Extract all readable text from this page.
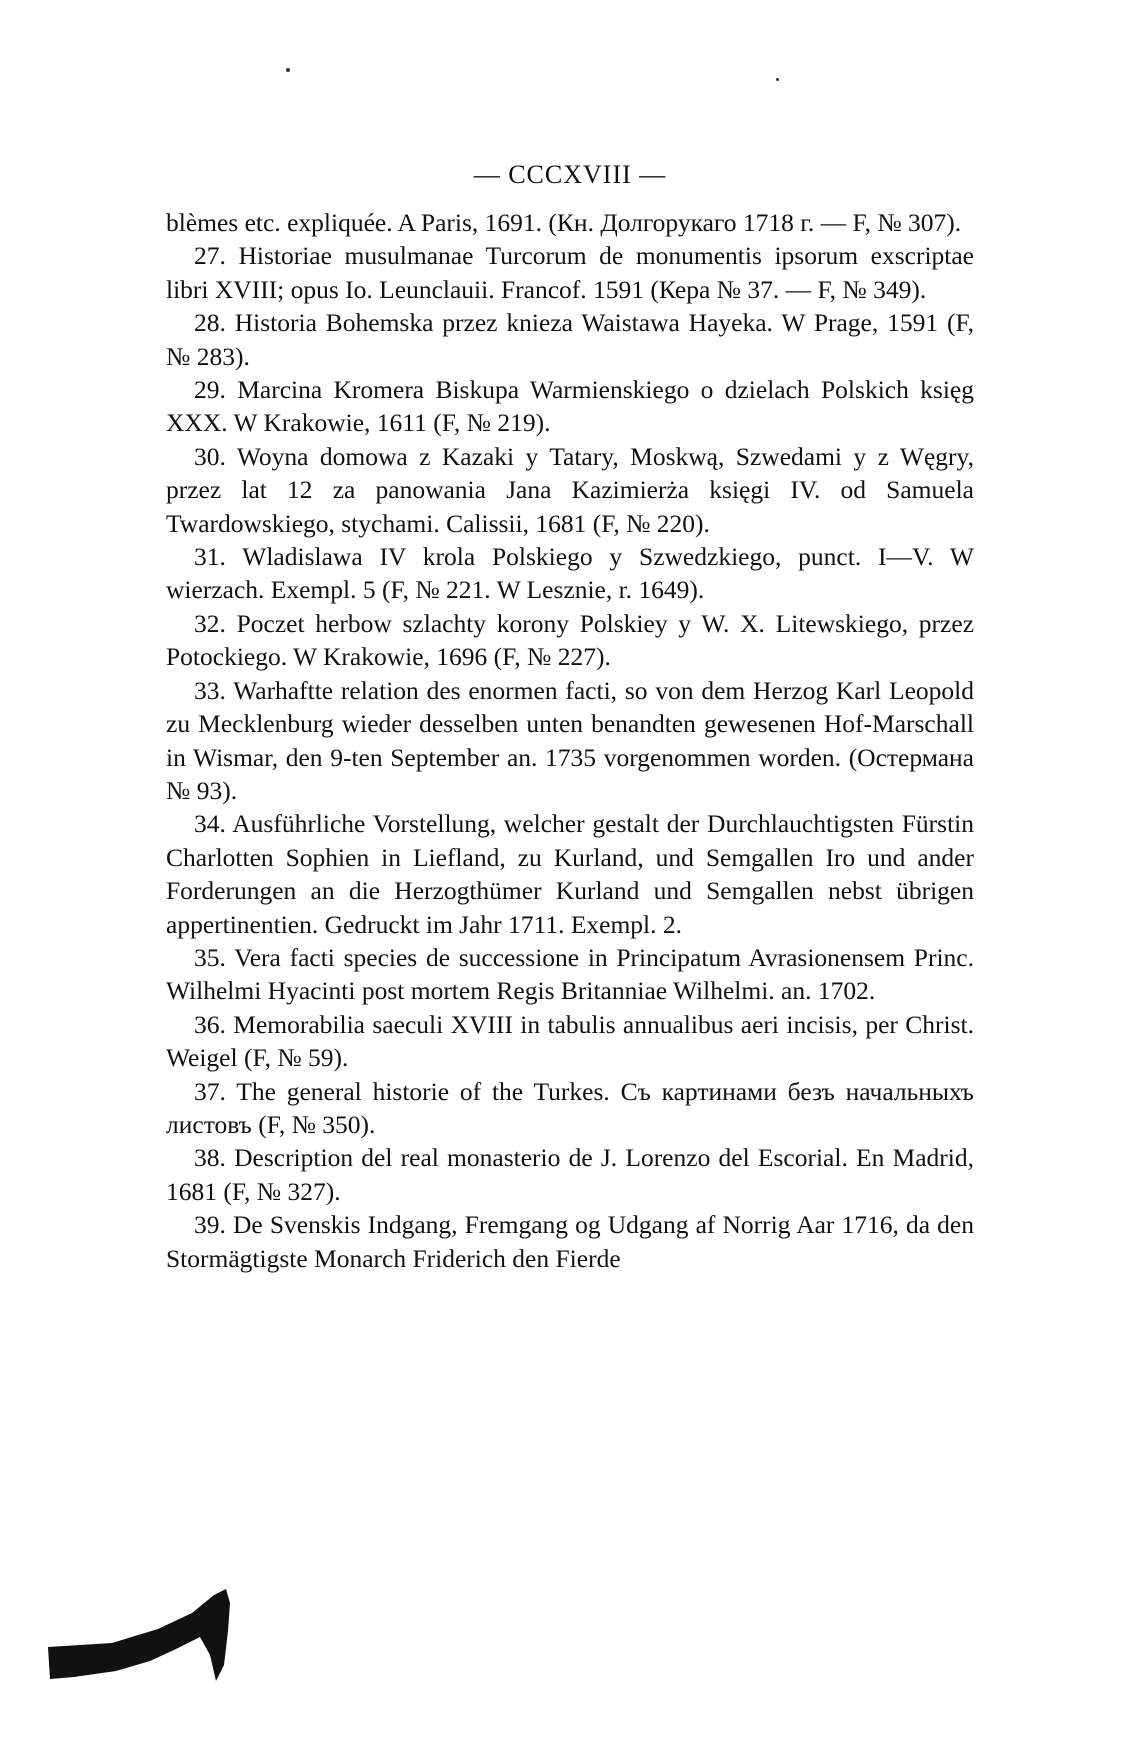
— CCCXVIII —

blèmes etc. expliquée. A Paris, 1691. (Кн. Долгорукаго 1718 г. — F, № 307).

27. Historiae musulmanae Turcorum de monumentis ipsorum exscriptae libri XVIII; opus Io. Leunclauii. Francof. 1591 (Кера № 37. — F, № 349).

28. Historia Bohemska przez knieza Waistawa Hayeka. W Prage, 1591 (F, № 283).

29. Marcina Kromera Biskupa Warmienskiego o dzielach Polskich księg XXX. W Krakowie, 1611 (F, № 219).

30. Woyna domowa z Kazaki y Tatary, Moskwą, Szwedami y z Węgry, przez lat 12 za panowania Jana Kazimierża księgi IV. od Samuela Twardowskiego, stychami. Calissii, 1681 (F, № 220).

31. Wladislawa IV krola Polskiego y Szwedzkiego, punct. I—V. W wierzach. Exempl. 5 (F, № 221. W Lesznie, r. 1649).

32. Poczet herbow szlachty korony Polskiey y W. X. Litewskiego, przez Potockiego. W Krakowie, 1696 (F, № 227).

33. Warhaftte relation des enormen facti, so von dem Herzog Karl Leopold zu Mecklenburg wieder desselben unten benandten gewesenen Hof-Marschall in Wismar, den 9-ten September an. 1735 vorgenommen worden. (Остермана № 93).

34. Ausführliche Vorstellung, welcher gestalt der Durchlauchtigsten Fürstin Charlotten Sophien in Liefland, zu Kurland, und Semgallen Iro und ander Forderungen an die Herzogthümer Kurland und Semgallen nebst übrigen appertinentien. Gedruckt im Jahr 1711. Exempl. 2.

35. Vera facti species de successione in Principatum Avrasionensem Princ. Wilhelmi Hyacinti post mortem Regis Britanniae Wilhelmi. an. 1702.

36. Memorabilia saeculi XVIII in tabulis annualibus aeri incisis, per Christ. Weigel (F, № 59).

37. The general historie of the Turkes. Съ картинами безъ начальныхъ листовъ (F, № 350).

38. Description del real monasterio de J. Lorenzo del Escorial. En Madrid, 1681 (F, № 327).

39. De Svenskis Indgang, Fremgang og Udgang af Norrig Aar 1716, da den Stormägtigste Monarch Friderich den Fierde
